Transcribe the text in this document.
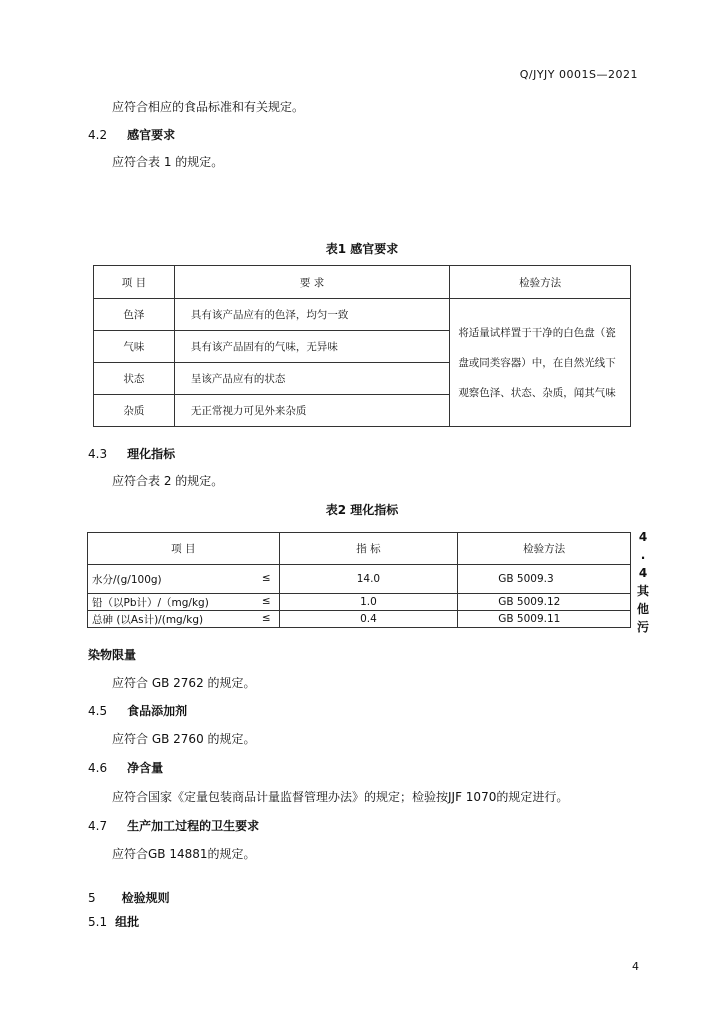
Q/JYJY 0001S—2021
应符合相应的食品标准和有关规定。
4.2 感官要求
应符合表 1 的规定。
表1 感官要求
项 目	要 求	检验方法
色泽	具有该产品应有的色泽，均匀一致	将适量试样置于干净的白色盘（瓷盘或同类容器）中，在自然光线下观察色泽、状态、杂质，闻其气味
气味	具有该产品固有的气味，无异味	
状态	呈该产品应有的状态	
杂质	无正常视力可见外来杂质	
4.3 理化指标
应符合表 2 的规定。
表2 理化指标
项 目	指 标	检验方法
水分/(g/100g) ≤	14.0	GB 5009.3
铅（以Pb计）/（mg/kg) ≤	1.0	GB 5009.12
总砷 (以As计)/(mg/kg) ≤	0.4	GB 5009.11
4
.
4
其
他
污
染物限量
应符合 GB 2762 的规定。
4.5 食品添加剂
应符合 GB 2760 的规定。
4.6 净含量
应符合国家《定量包装商品计量监督管理办法》的规定；检验按JJF 1070的规定进行。
4.7 生产加工过程的卫生要求
应符合GB 14881的规定。
5 检验规则
5.1 组批
4
